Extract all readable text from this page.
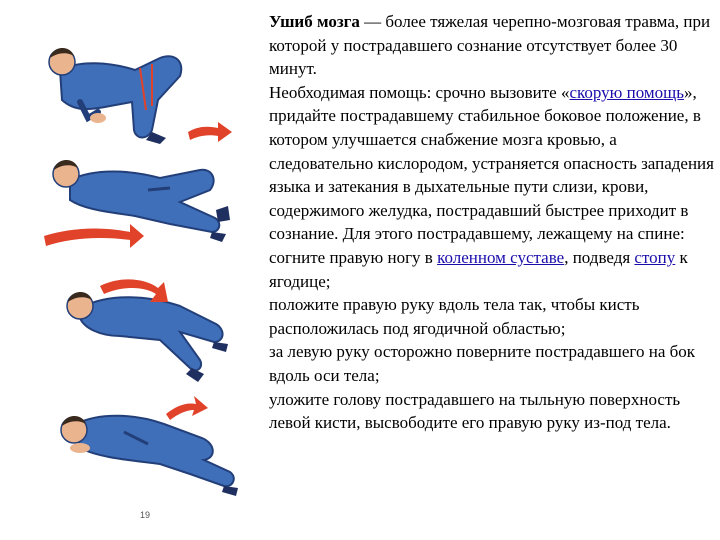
19

Ушиб мозга — более тяжелая черепно-мозговая травма, при которой у пострадавшего сознание отсутствует более 30 минут.

Необходимая помощь: срочно вызовите «скорую помощь», придайте пострадавшему стабильное боковое положение, в котором улучшается снабжение мозга кровью, а следовательно кислородом, устраняется опасность западения языка и затекания в дыхательные пути слизи, крови, содержимого желудка, пострадавший быстрее приходит в сознание. Для этого пострадавшему, лежащему на спине:

согните правую ногу в коленном суставе, подведя стопу к ягодице;

положите правую руку вдоль тела так, чтобы кисть расположилась под ягодичной областью;

за левую руку осторожно поверните пострадавшего на бок вдоль оси тела;

уложите голову пострадавшего на тыльную поверхность левой кисти, высвободите его правую руку из-под тела.
